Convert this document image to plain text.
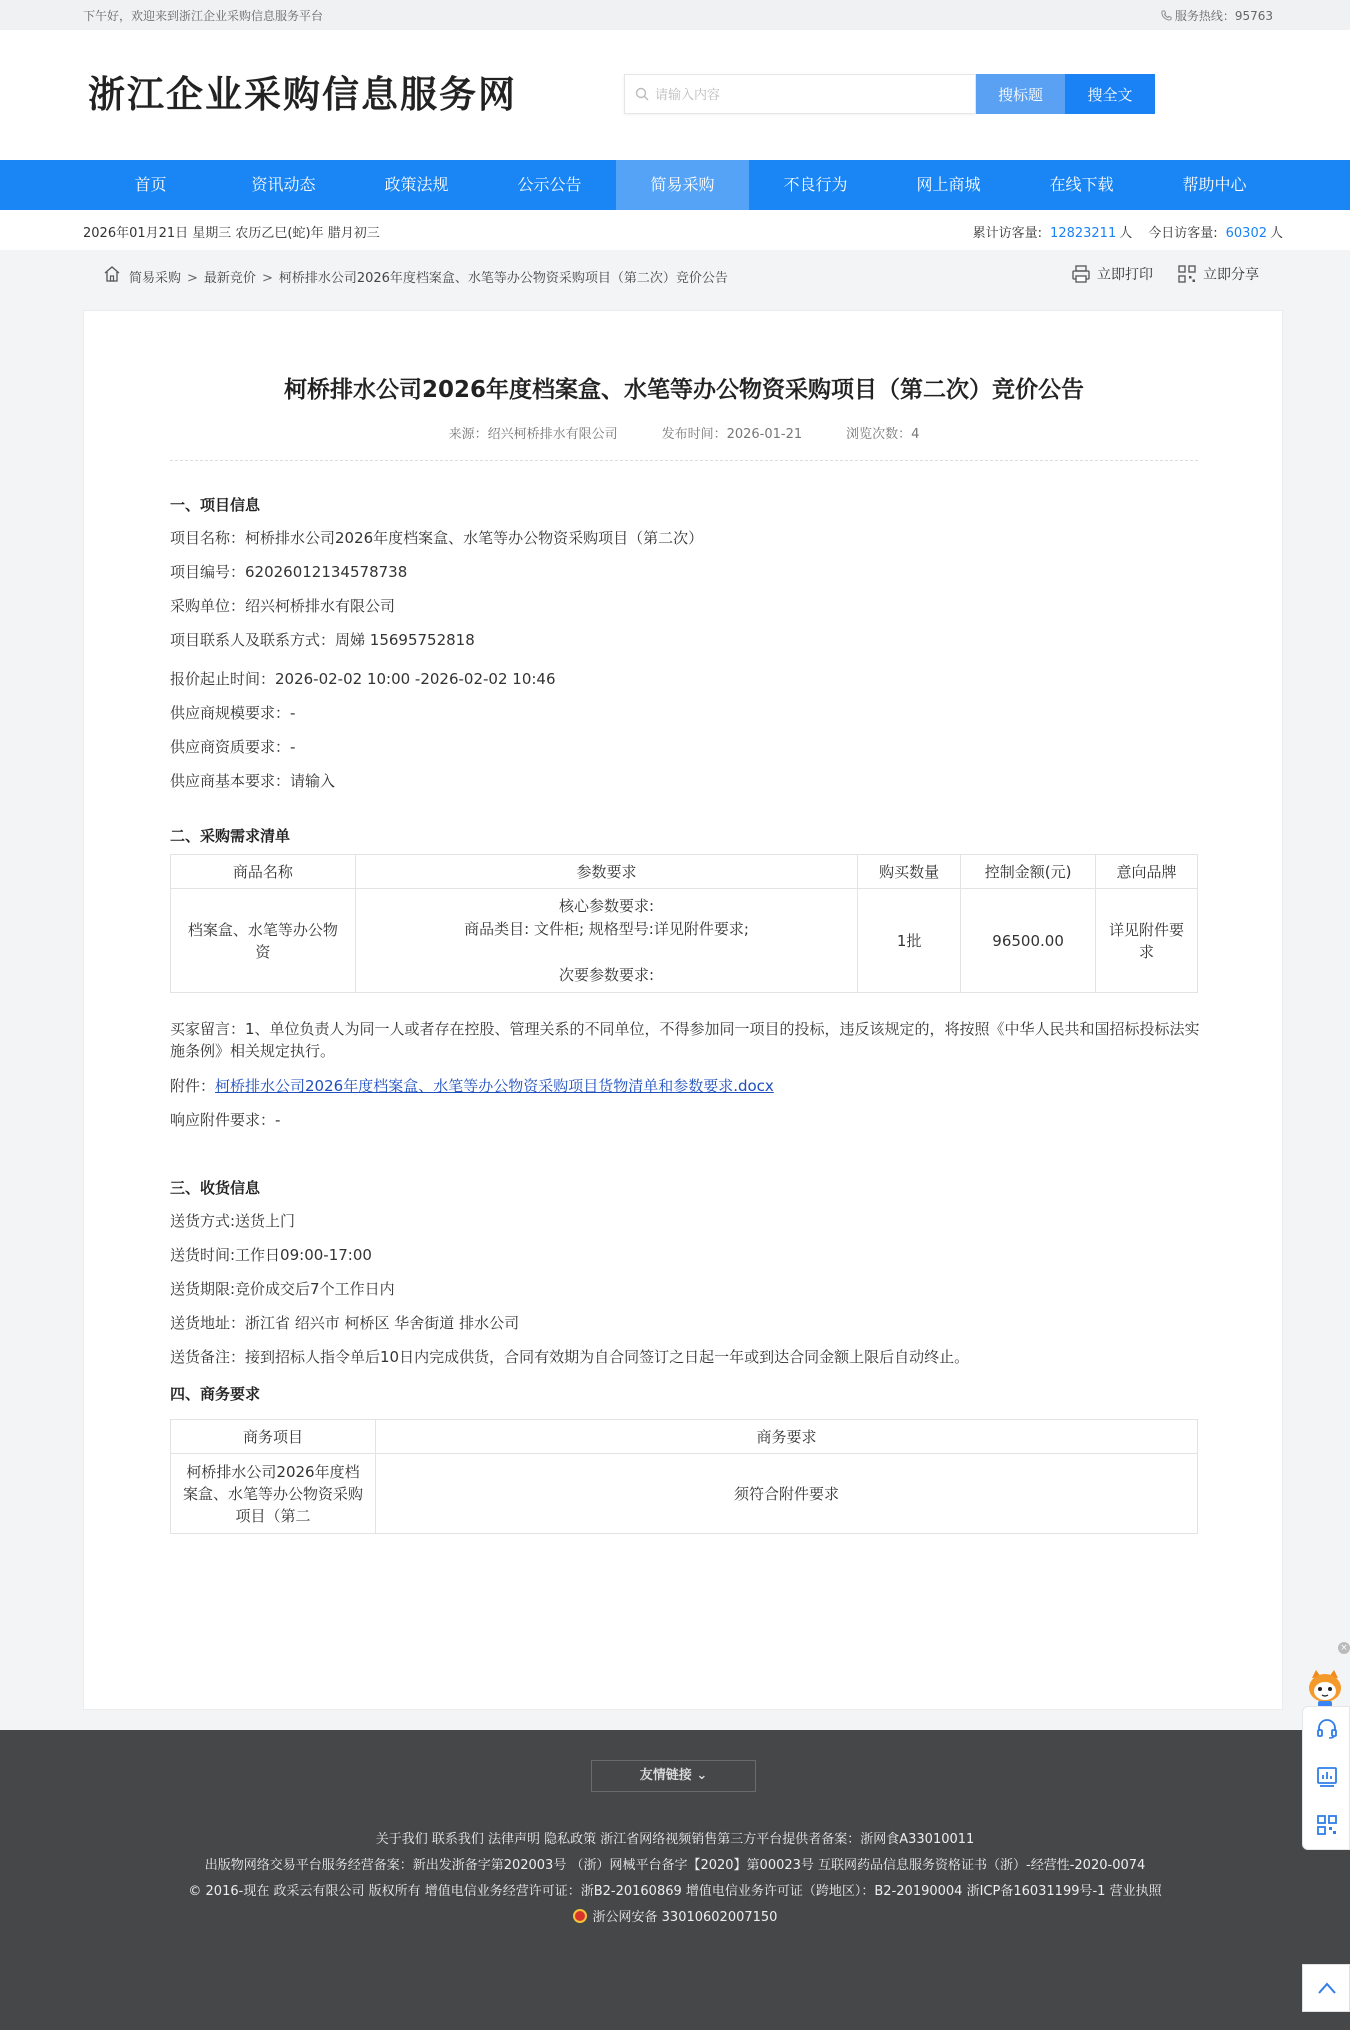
下午好，欢迎来到浙江企业采购信息服务平台	服务热线：95763
浙江企业采购信息服务网
请输入内容	搜标题	搜全文
首页	资讯动态	政策法规	公示公告	简易采购	不良行为	网上商城	在线下载	帮助中心
2026年01月21日 星期三 农历乙巳(蛇)年 腊月初三	累计访客量: 12823211 人 今日访客量: 60302 人
简易采购 > 最新竞价 > 柯桥排水公司2026年度档案盒、水笔等办公物资采购项目（第二次）竞价公告	立即打印	立即分享
柯桥排水公司2026年度档案盒、水笔等办公物资采购项目（第二次）竞价公告
来源：绍兴柯桥排水有限公司	发布时间：2026-01-21	浏览次数：4
一、项目信息
项目名称：柯桥排水公司2026年度档案盒、水笔等办公物资采购项目（第二次）
项目编号：62026012134578738
采购单位：绍兴柯桥排水有限公司
项目联系人及联系方式：周娣 15695752818
报价起止时间：2026-02-02 10:00 -2026-02-02 10:46
供应商规模要求：-
供应商资质要求：-
供应商基本要求：请输入
二、采购需求清单
商品名称	参数要求	购买数量	控制金额(元)	意向品牌
档案盒、水笔等办公物资	核心参数要求:
商品类目: 文件柜; 规格型号:详见附件要求;
次要参数要求:	1批	96500.00	详见附件要求
买家留言：1、单位负责人为同一人或者存在控股、管理关系的不同单位，不得参加同一项目的投标，违反该规定的，将按照《中华人民共和国招标投标法实施条例》相关规定执行。
附件：柯桥排水公司2026年度档案盒、水笔等办公物资采购项目货物清单和参数要求.docx
响应附件要求：-
三、收货信息
送货方式:送货上门
送货时间:工作日09:00-17:00
送货期限:竞价成交后7个工作日内
送货地址：浙江省 绍兴市 柯桥区 华舍街道 排水公司
送货备注：接到招标人指令单后10日内完成供货，合同有效期为自合同签订之日起一年或到达合同金额上限后自动终止。
四、商务要求
商务项目	商务要求
柯桥排水公司2026年度档案盒、水笔等办公物资采购项目（第二	须符合附件要求
友情链接 ⌄
关于我们 联系我们 法律声明 隐私政策 浙江省网络视频销售第三方平台提供者备案：浙网食A33010011
出版物网络交易平台服务经营备案：新出发浙备字第202003号 （浙）网械平台备字【2020】第00023号 互联网药品信息服务资格证书（浙）-经营性-2020-0074
© 2016-现在 政采云有限公司 版权所有 增值电信业务经营许可证：浙B2-20160869 增值电信业务许可证（跨地区）：B2-20190004 浙ICP备16031199号-1 营业执照
浙公网安备 33010602007150
×
